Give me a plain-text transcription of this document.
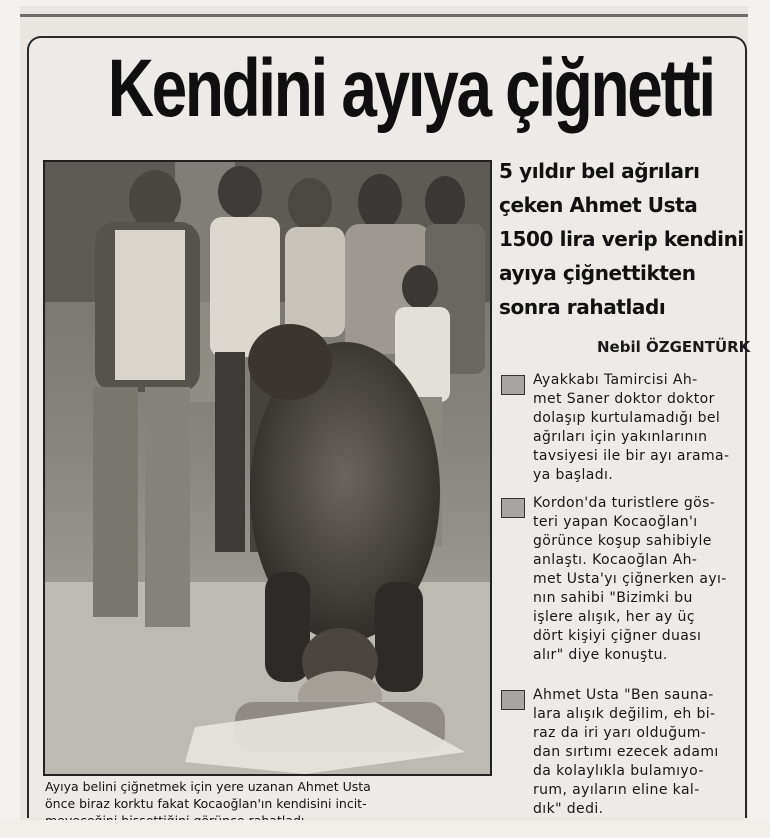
Kendini ayıya çiğnetti
Ayıya belini çiğnetmek için yere uzanan Ahmet Usta
önce biraz korktu fakat Kocaoğlan'ın kendisini incit-
5 yıldır bel ağrıları
çeken Ahmet Usta
1500 lira verip kendini
ayıya çiğnettikten
sonra rahatladı
Nebil ÖZGENTÜRK
Ayakkabı Tamircisi Ah-
met Saner doktor doktor
dolaşıp kurtulamadığı bel
ağrıları için yakınlarının
tavsiyesi ile bir ayı arama-
ya başladı.
Kordon'da turistlere gös-
teri yapan Kocaoğlan'ı
görünce koşup sahibiyle
anlaştı. Kocaoğlan Ah-
met Usta'yı çiğnerken ayı-
nın sahibi "Bizimki bu
işlere alışık, her ay üç
dört kişiyi çiğner duası
alır" diye konuştu.
Ahmet Usta "Ben sauna-
lara alışık değilim, eh bi-
raz da iri yarı olduğum-
dan sırtımı ezecek adamı
da kolaylıkla bulamıyo-
rum, ayıların eline kal-
dık" dedi.
